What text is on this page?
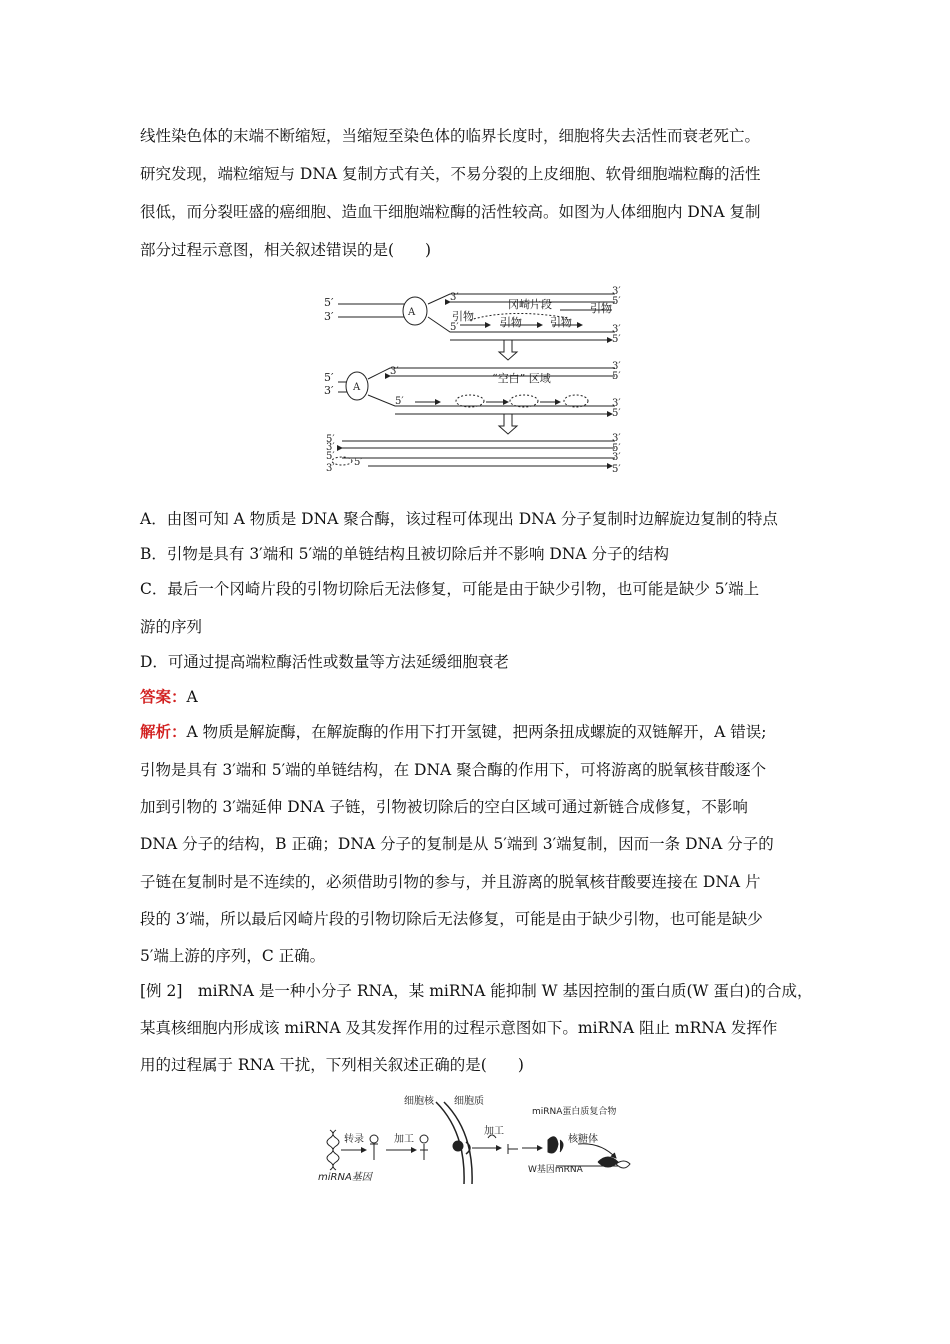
线性染色体的末端不断缩短，当缩短至染色体的临界长度时，细胞将失去活性而衰老死亡。
研究发现，端粒缩短与 DNA 复制方式有关，不易分裂的上皮细胞、软骨细胞端粒酶的活性
很低，而分裂旺盛的癌细胞、造血干细胞端粒酶的活性较高。如图为人体细胞内 DNA 复制
部分过程示意图，相关叙述错误的是(　　)
5′
3′	A
3′
3′
5′
冈崎片段
引物 引物	引物
引物
5′	3′
5′
5′
3′ A
3′	3′
5′
“空白” 区域
5′	3′
5′
5′
3′
5′
3′
5′
3′
5′
3′
5′
A．由图可知 A 物质是 DNA 聚合酶，该过程可体现出 DNA 分子复制时边解旋边复制的特点
B．引物是具有 3′端和 5′端的单链结构且被切除后并不影响 DNA 分子的结构
C．最后一个冈崎片段的引物切除后无法修复，可能是由于缺少引物，也可能是缺少 5′端上
游的序列
D．可通过提高端粒酶活性或数量等方法延缓细胞衰老
答案：A
解析：A 物质是解旋酶，在解旋酶的作用下打开氢键，把两条扭成螺旋的双链解开，A 错误;
引物是具有 3′端和 5′端的单链结构，在 DNA 聚合酶的作用下，可将游离的脱氧核苷酸逐个
加到引物的 3′端延伸 DNA 子链，引物被切除后的空白区域可通过新链合成修复，不影响
DNA 分子的结构，B 正确；DNA 分子的复制是从 5′端到 3′端复制，因而一条 DNA 分子的
子链在复制时是不连续的，必须借助引物的参与，并且游离的脱氧核苷酸要连接在 DNA 片
段的 3′端，所以最后冈崎片段的引物切除后无法修复，可能是由于缺少引物，也可能是缺少
5′端上游的序列，C 正确。
[例 2]　 miRNA 是一种小分子 RNA，某 miRNA 能抑制 W 基因控制的蛋白质(W 蛋白)的合成，
某真核细胞内形成该 miRNA 及其发挥作用的过程示意图如下。miRNA 阻止 mRNA 发挥作
用的过程属于 RNA 干扰，下列相关叙述正确的是(　　)
细胞核 细胞质
转录	加工
加工
miRNA蛋白质复合物
核糖体
miRNA基因
W基因mRNA
